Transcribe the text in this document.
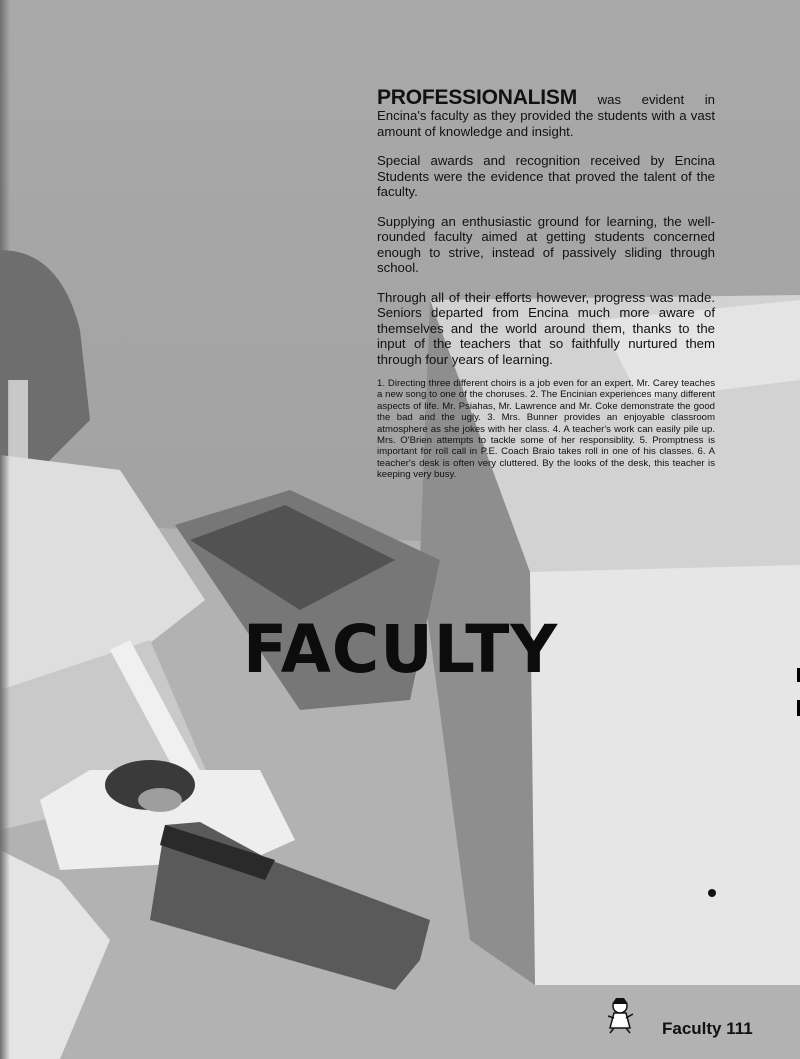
PROFESSIONALISM was evident in Encina's faculty as they provided the students with a vast amount of knowledge and insight.

Special awards and recognition received by Encina Students were the evidence that proved the talent of the faculty.

Supplying an enthusiastic ground for learning, the well-rounded faculty aimed at getting students concerned enough to strive, instead of passively sliding through school.

Through all of their efforts however, progress was made. Seniors departed from Encina much more aware of themselves and the world around them, thanks to the input of the teachers that so faithfully nurtured them through four years of learning.

1. Directing three different choirs is a job even for an expert. Mr. Carey teaches a new song to one of the choruses. 2. The Encinian experiences many different aspects of life. Mr. Psiahas, Mr. Lawrence and Mr. Coke demonstrate the good the bad and the ugly. 3. Mrs. Bunner provides an enjoyable classroom atmosphere as she jokes with her class. 4. A teacher's work can easily pile up. Mrs. O'Brien attempts to tackle some of her responsiblity. 5. Promptness is important for roll call in P.E. Coach Braio takes roll in one of his classes. 6. A teacher's desk is often very cluttered. By the looks of the desk, this teacher is keeping very busy.
FACULTY
Faculty 111
